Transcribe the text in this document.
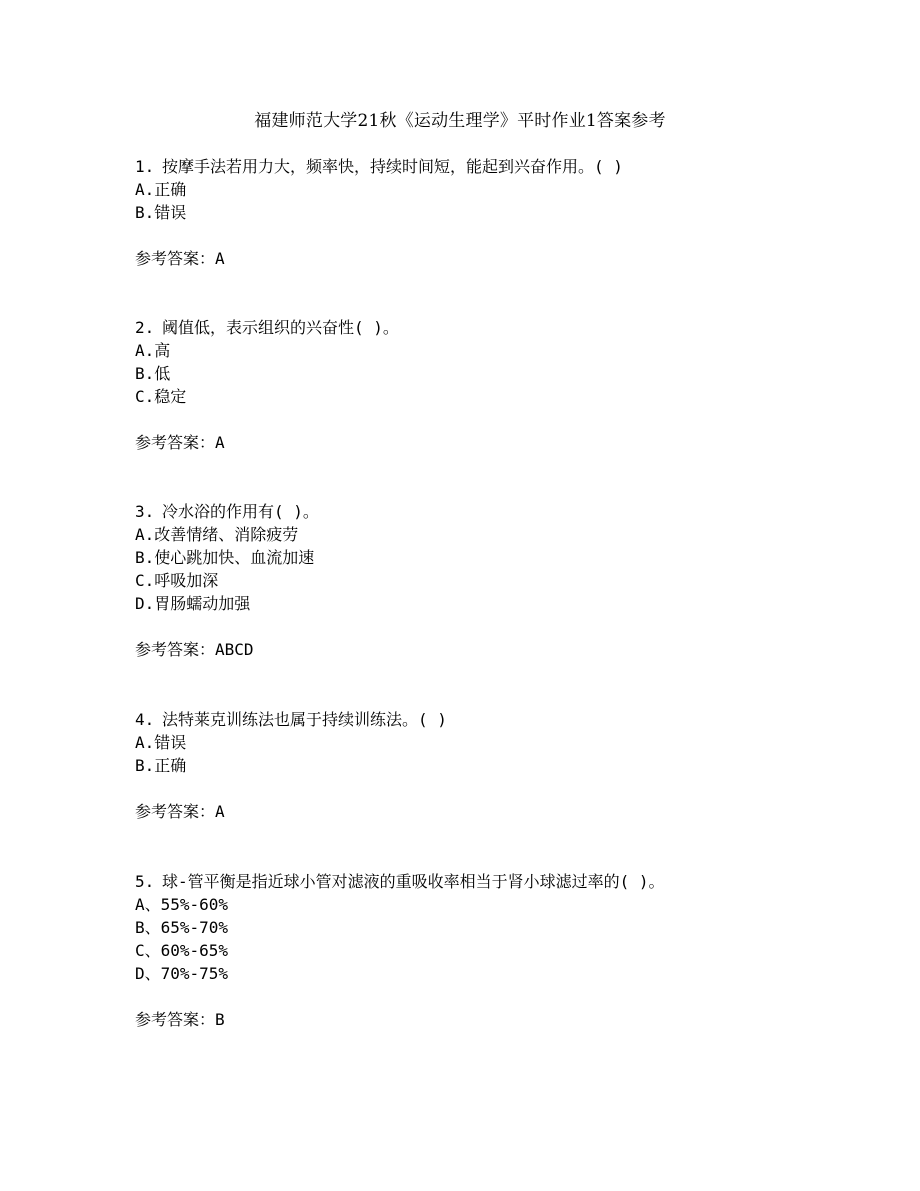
福建师范大学21秋《运动生理学》平时作业1答案参考
1. 按摩手法若用力大，频率快，持续时间短，能起到兴奋作用。( )
A.正确
B.错误
参考答案：A
2. 阈值低，表示组织的兴奋性( )。
A.高
B.低
C.稳定
参考答案：A
3. 冷水浴的作用有( )。
A.改善情绪、消除疲劳
B.使心跳加快、血流加速
C.呼吸加深
D.胃肠蠕动加强
参考答案：ABCD
4. 法特莱克训练法也属于持续训练法。( )
A.错误
B.正确
参考答案：A
5. 球-管平衡是指近球小管对滤液的重吸收率相当于肾小球滤过率的( )。
A、55%-60%
B、65%-70%
C、60%-65%
D、70%-75%
参考答案：B
